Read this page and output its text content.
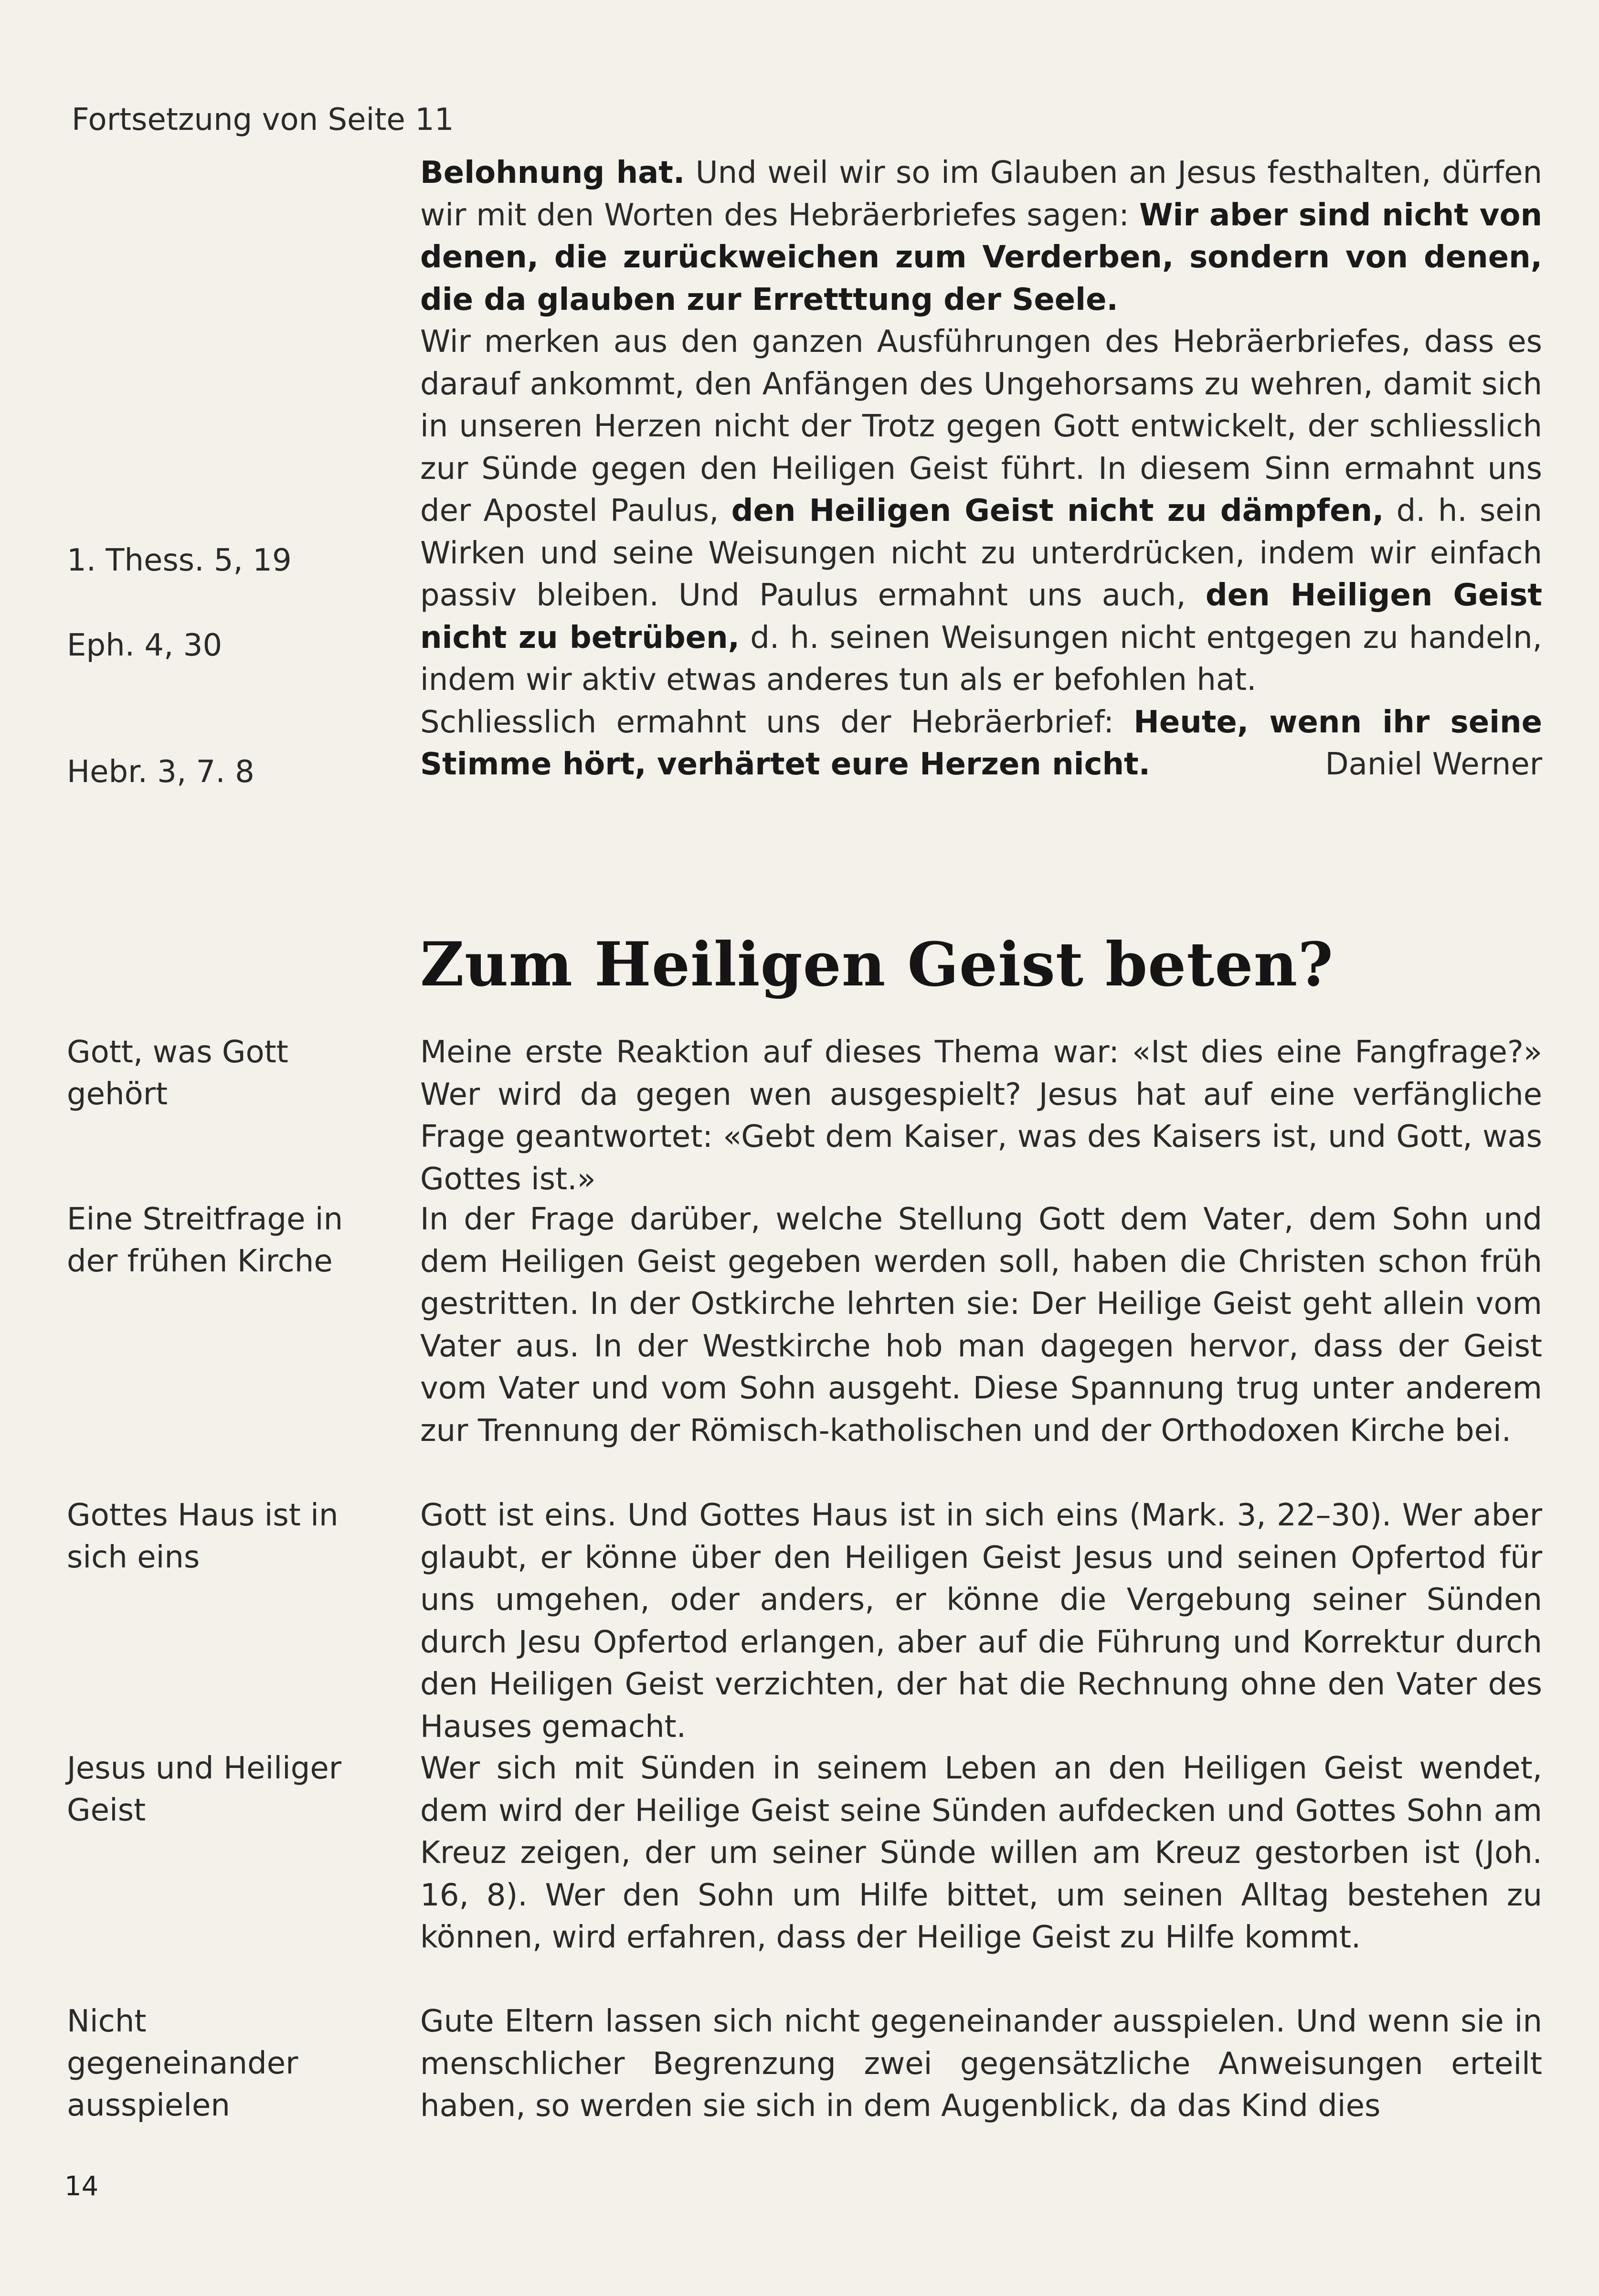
Fortsetzung von Seite 11

Belohnung hat. Und weil wir so im Glauben an Jesus festhalten, dürfen wir mit den Worten des Hebräerbriefes sagen: Wir aber sind nicht von denen, die zurückweichen zum Verderben, sondern von denen, die da glauben zur Erretttung der Seele.

Wir merken aus den ganzen Ausführungen des Hebräerbriefes, dass es darauf ankommt, den Anfängen des Ungehorsams zu wehren, damit sich in unseren Herzen nicht der Trotz gegen Gott entwickelt, der schliesslich zur Sünde gegen den Heiligen Geist führt. In diesem Sinn ermahnt uns der Apostel Paulus, den Heiligen Geist nicht zu dämpfen, d. h. sein Wirken und seine Weisungen nicht zu unterdrücken, indem wir einfach passiv bleiben. Und Paulus ermahnt uns auch, den Heiligen Geist nicht zu betrüben, d. h. seinen Weisungen nicht entgegen zu handeln, indem wir aktiv etwas anderes tun als er befohlen hat.

Schliesslich ermahnt uns der Hebräerbrief: Heute, wenn ihr seine Stimme hört, verhärtet eure Herzen nicht.	Daniel Werner

1. Thess. 5, 19
Eph. 4, 30
Hebr. 3, 7. 8
Zum Heiligen Geist beten?
Gott, was Gott gehört
Meine erste Reaktion auf dieses Thema war: «Ist dies eine Fangfrage?» Wer wird da gegen wen ausgespielt? Jesus hat auf eine verfängliche Frage geantwortet: «Gebt dem Kaiser, was des Kaisers ist, und Gott, was Gottes ist.»
Eine Streitfrage in der frühen Kirche
In der Frage darüber, welche Stellung Gott dem Vater, dem Sohn und dem Heiligen Geist gegeben werden soll, haben die Christen schon früh gestritten. In der Ostkirche lehrten sie: Der Heilige Geist geht allein vom Vater aus. In der Westkirche hob man dagegen hervor, dass der Geist vom Vater und vom Sohn ausgeht. Diese Spannung trug unter anderem zur Trennung der Römisch-katholischen und der Orthodoxen Kirche bei.
Gottes Haus ist in sich eins
Gott ist eins. Und Gottes Haus ist in sich eins (Mark. 3, 22–30). Wer aber glaubt, er könne über den Heiligen Geist Jesus und seinen Opfertod für uns umgehen, oder anders, er könne die Vergebung seiner Sünden durch Jesu Opfertod erlangen, aber auf die Führung und Korrektur durch den Heiligen Geist verzichten, der hat die Rechnung ohne den Vater des Hauses gemacht.
Jesus und Heiliger Geist
Wer sich mit Sünden in seinem Leben an den Heiligen Geist wendet, dem wird der Heilige Geist seine Sünden aufdecken und Gottes Sohn am Kreuz zeigen, der um seiner Sünde willen am Kreuz gestorben ist (Joh. 16, 8). Wer den Sohn um Hilfe bittet, um seinen Alltag bestehen zu können, wird erfahren, dass der Heilige Geist zu Hilfe kommt.
Nicht gegeneinander ausspielen
Gute Eltern lassen sich nicht gegeneinander ausspielen. Und wenn sie in menschlicher Begrenzung zwei gegensätzliche Anweisungen erteilt haben, so werden sie sich in dem Augenblick, da das Kind dies
14
